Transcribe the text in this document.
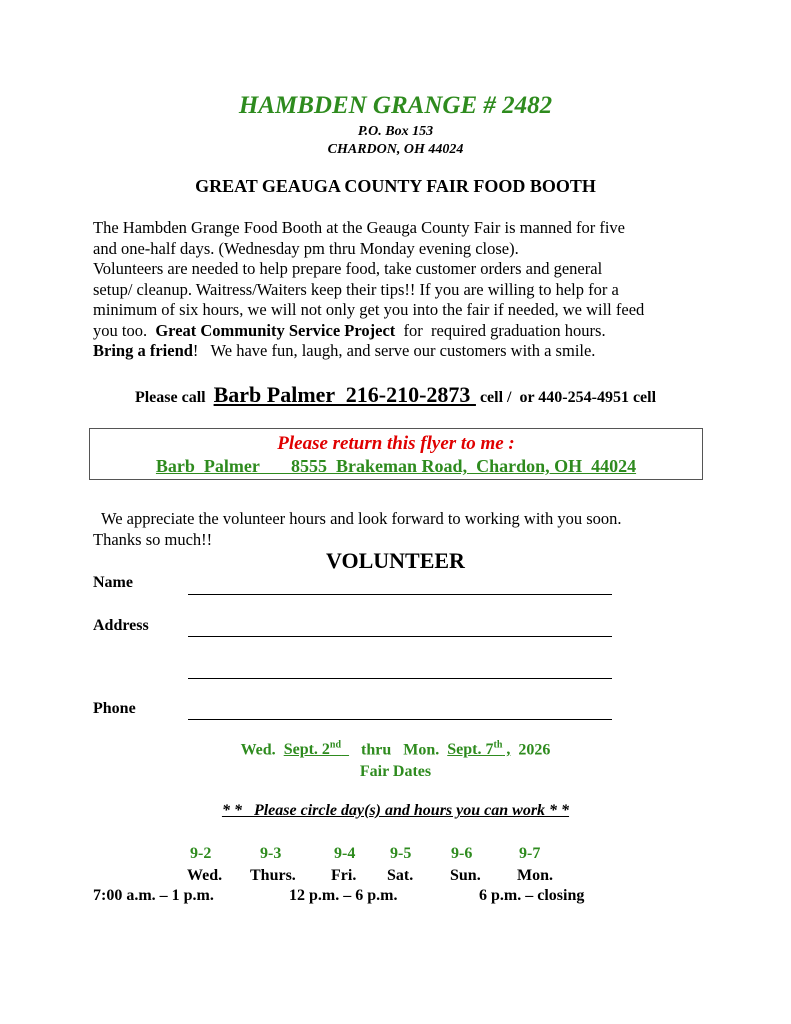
HAMBDEN GRANGE # 2482
P.O. Box 153
CHARDON, OH 44024
GREAT GEAUGA COUNTY FAIR FOOD BOOTH
The Hambden Grange Food Booth at the Geauga County Fair is manned for five
and one-half days. (Wednesday pm thru Monday evening close).
Volunteers are needed to help prepare food, take customer orders and general
setup/ cleanup. Waitress/Waiters keep their tips!! If you are willing to help for a
minimum of six hours, we will not only get you into the fair if needed, we will feed
you too.  Great Community Service Project  for  required graduation hours.
Bring a friend!   We have fun, laugh, and serve our customers with a smile.
Please call  Barb Palmer  216-210-2873  cell /  or 440-254-4951 cell
Please return this flyer to me :
Barb  Palmer       8555  Brakeman Road,  Chardon, OH  44024
We appreciate the volunteer hours and look forward to working with you soon.
Thanks so much!!
VOLUNTEER
Name
Address
Phone
Wed.  Sept. 2nd     thru   Mon.  Sept. 7th ,  2026
Fair Dates
* *   Please circle day(s) and hours you can work * *
9-2	9-3	9-4 9-5 9-6	9-7
Wed. Thurs. Fri. Sat. Sun. Mon.
7:00 a.m. – 1 p.m.	12 p.m. – 6 p.m.	6 p.m. – closing
